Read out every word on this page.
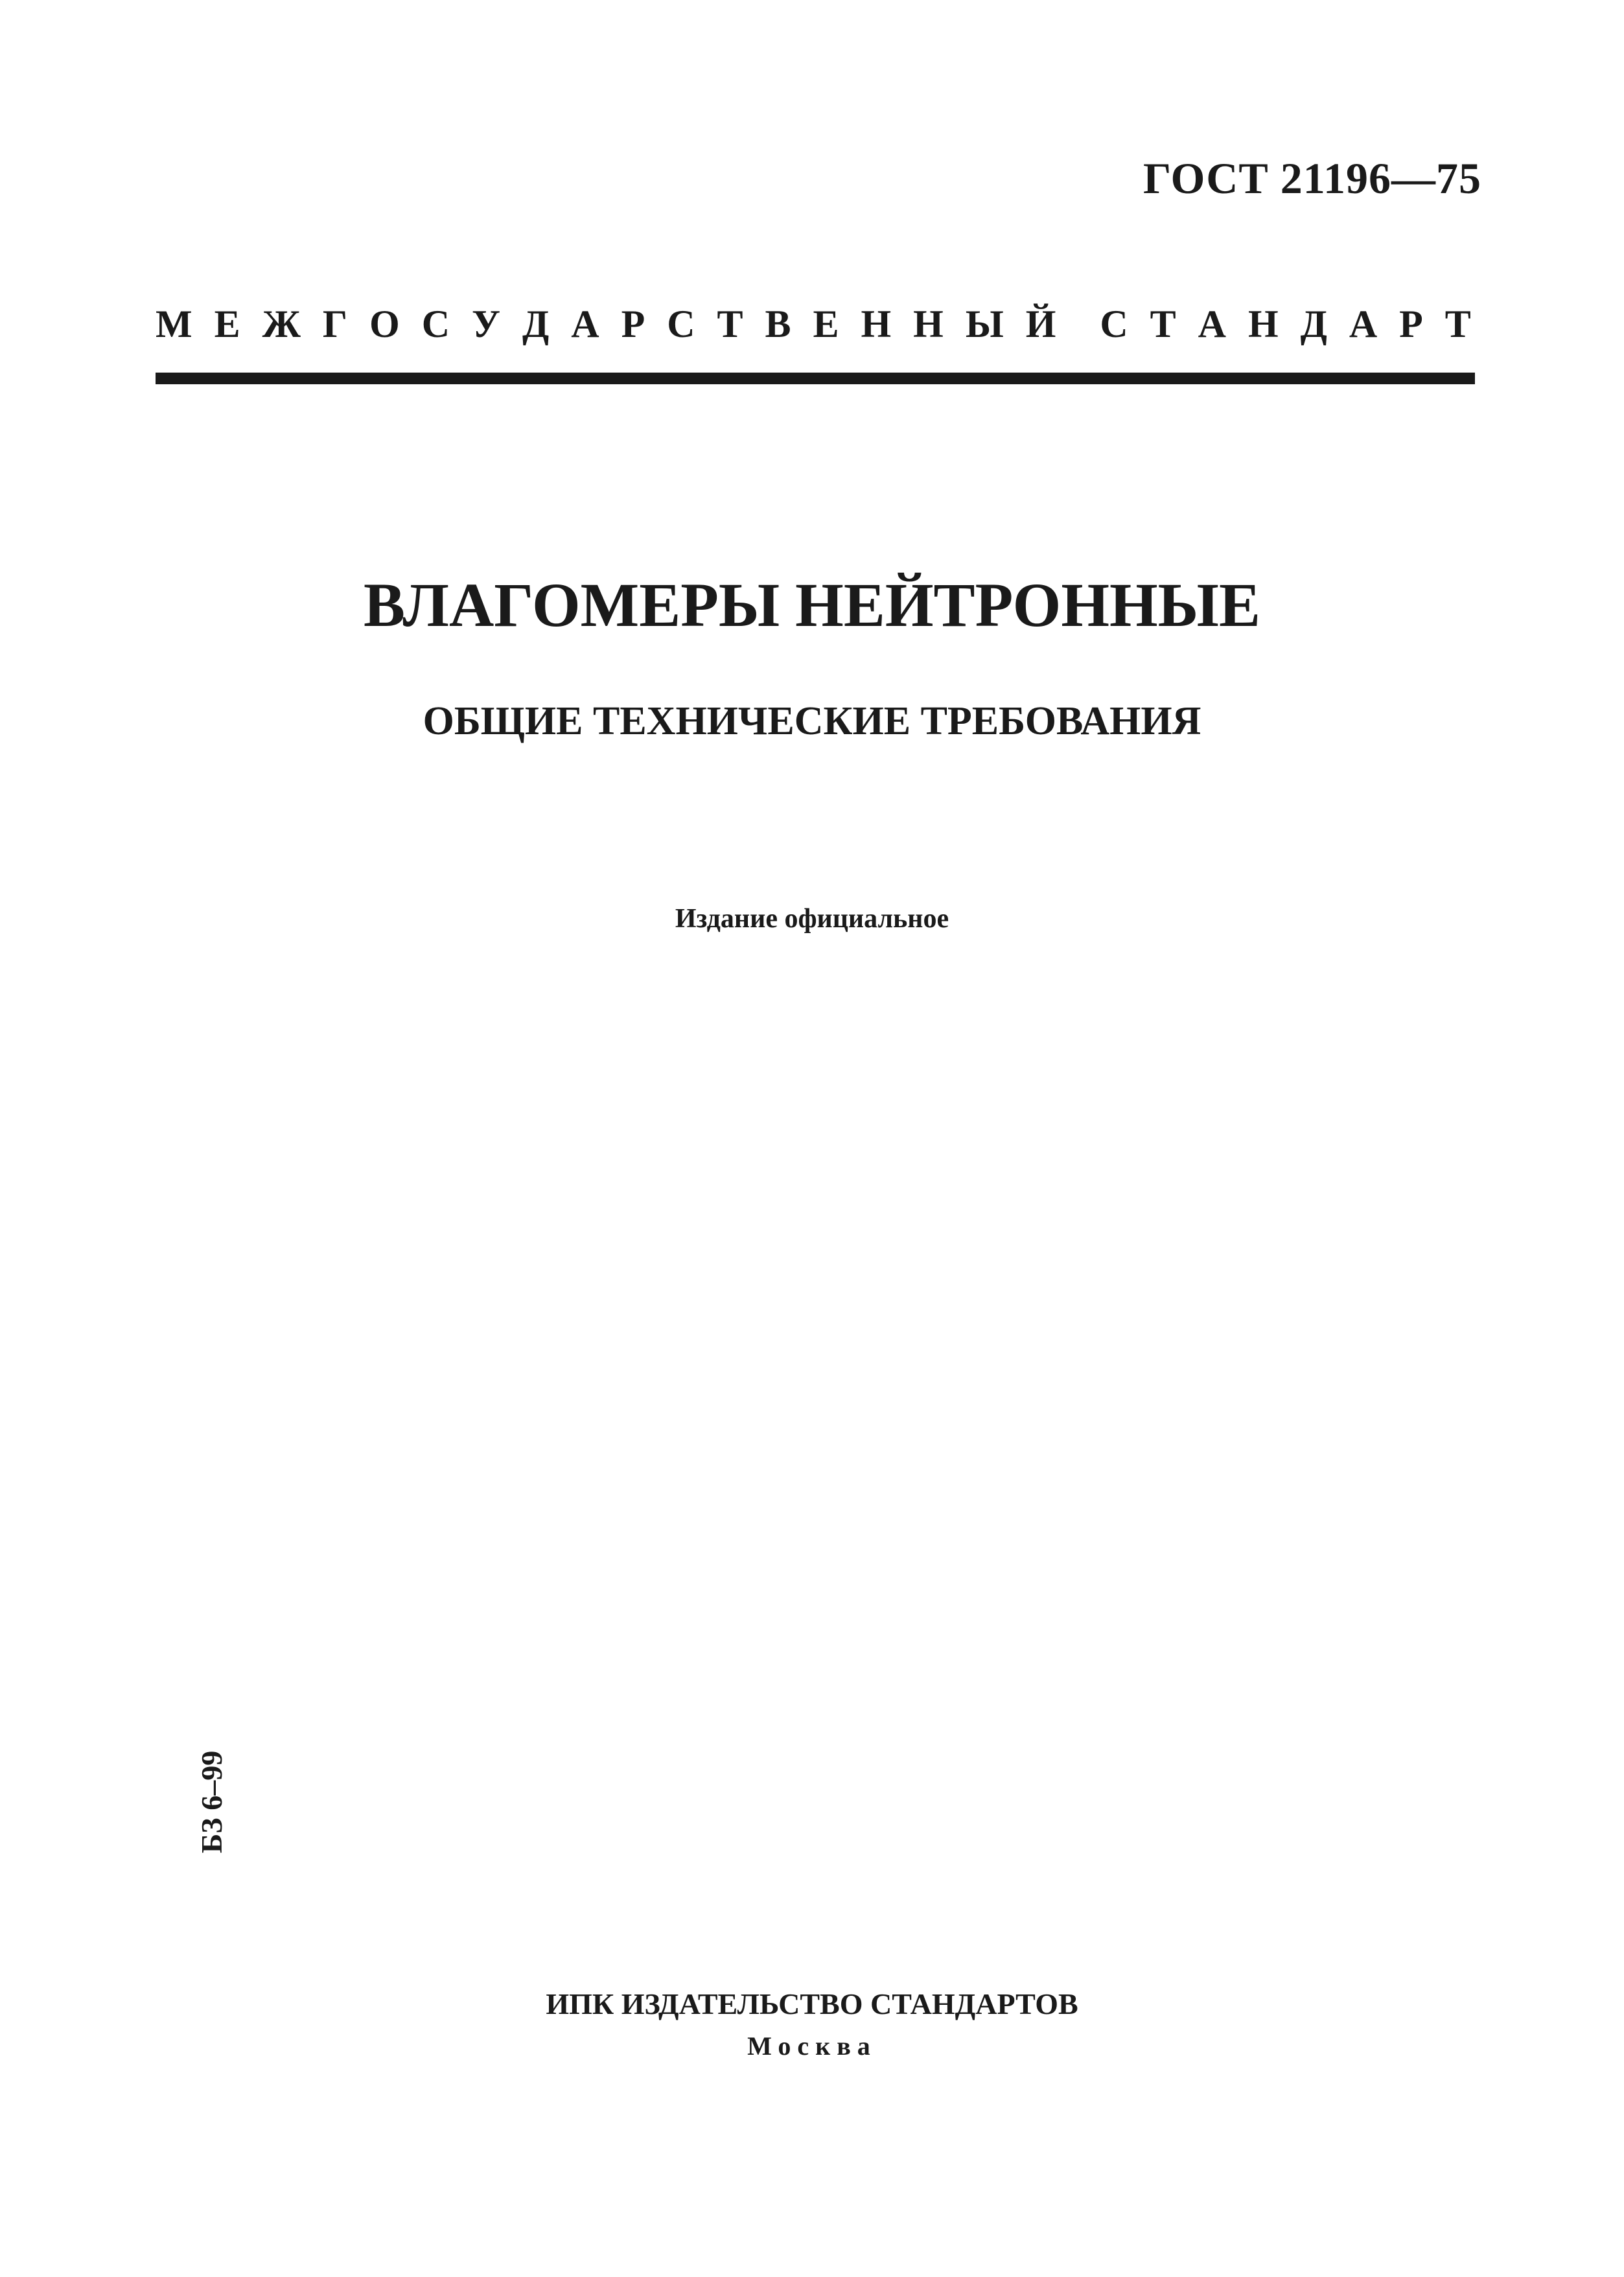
ГОСТ 21196—75
М Е Ж Г О С У Д А Р С Т В Е Н Н Ы Й С Т А Н Д А Р Т
ВЛАГОМЕРЫ НЕЙТРОННЫЕ
ОБЩИЕ ТЕХНИЧЕСКИЕ ТРЕБОВАНИЯ
Издание официальное
БЗ 6–99
ИПК ИЗДАТЕЛЬСТВО СТАНДАРТОВ
Москва
